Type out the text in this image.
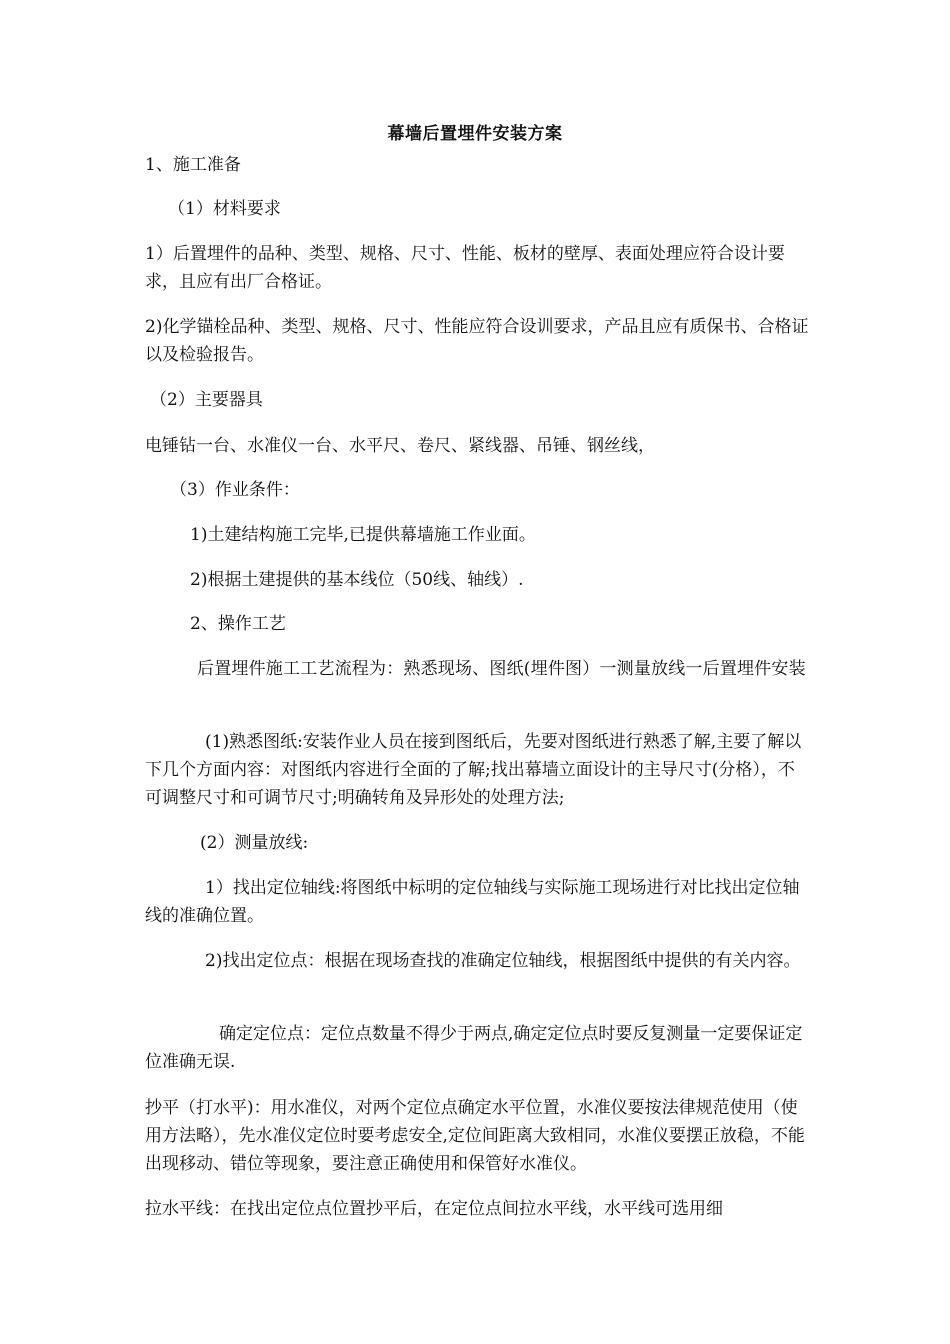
幕墙后置埋件安装方案

1、施工准备

（1）材料要求

1）后置埋件的品种、类型、规格、尺寸、性能、板材的壁厚、表面处理应符合设计要求，且应有出厂合格证。

2)化学锚栓品种、类型、规格、尺寸、性能应符合设训要求，产品且应有质保书、合格证以及检验报告。

（2）主要器具

电锤钻一台、水准仪一台、水平尺、卷尺、紧线器、吊锤、钢丝线，

（3）作业条件：

1)土建结构施工完毕,已提供幕墙施工作业面。

2)根据土建提供的基本线位（50线、轴线）.

2、操作工艺

后置埋件施工工艺流程为：熟悉现场、图纸(埋件图）一测量放线一后置埋件安装

(1)熟悉图纸:安装作业人员在接到图纸后，先要对图纸进行熟悉了解,主要了解以下几个方面内容：对图纸内容进行全面的了解;找出幕墙立面设计的主导尺寸(分格），不可调整尺寸和可调节尺寸;明确转角及异形处的处理方法;

(2）测量放线:

1）找出定位轴线:将图纸中标明的定位轴线与实际施工现场进行对比找出定位轴线的准确位置。

2)找出定位点：根据在现场查找的准确定位轴线，根据图纸中提供的有关内容。

确定定位点：定位点数量不得少于两点,确定定位点时要反复测量一定要保证定位准确无误.

抄平（打水平)：用水准仪，对两个定位点确定水平位置，水准仪要按法律规范使用（使用方法略），先水准仪定位时要考虑安全,定位间距离大致相同，水准仪要摆正放稳，不能出现移动、错位等现象，要注意正确使用和保管好水准仪。

拉水平线：在找出定位点位置抄平后，在定位点间拉水平线，水平线可选用细
